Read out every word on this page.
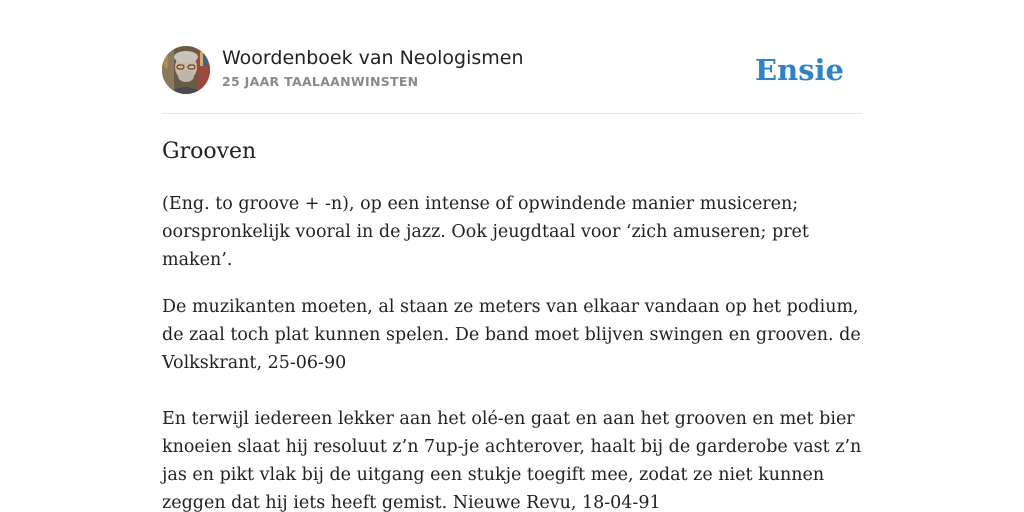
Woordenboek van Neologismen
25 JAAR TAALAANWINSTEN	Ensie
Grooven

(Eng. to groove + -n), op een intense of opwindende manier musiceren; oorspronkelijk vooral in de jazz. Ook jeugdtaal voor ‘zich amuseren; pret maken’.

De muzikanten moeten, al staan ze meters van elkaar vandaan op het podium, de zaal toch plat kunnen spelen. De band moet blijven swingen en grooven. de Volkskrant, 25-06-90

En terwijl iedereen lekker aan het olé-en gaat en aan het grooven en met bier knoeien slaat hij resoluut z’n 7up-je achterover, haalt bij de garderobe vast z’n jas en pikt vlak bij de uitgang een stukje toegift mee, zodat ze niet kunnen zeggen dat hij iets heeft gemist. Nieuwe Revu, 18-04-91
